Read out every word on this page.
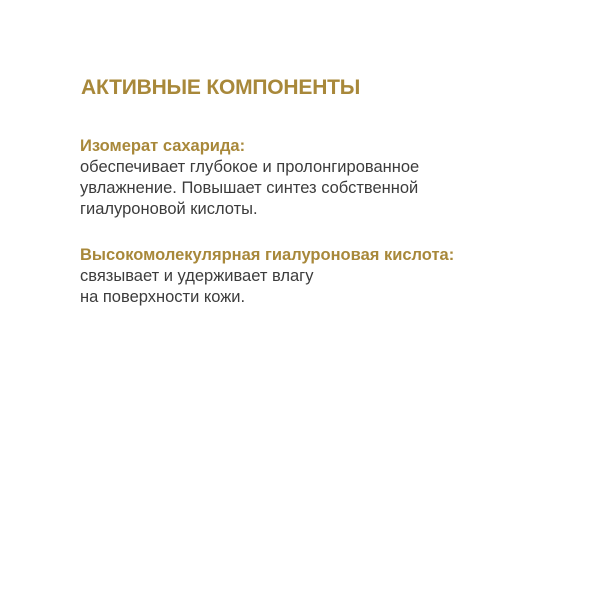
АКТИВНЫЕ КОМПОНЕНТЫ
Изомерат сахарида:
обеспечивает глубокое и пролонгированное
увлажнение. Повышает синтез собственной
гиалуроновой кислоты.
Высокомолекулярная гиалуроновая кислота:
связывает и удерживает влагу
на поверхности кожи.
